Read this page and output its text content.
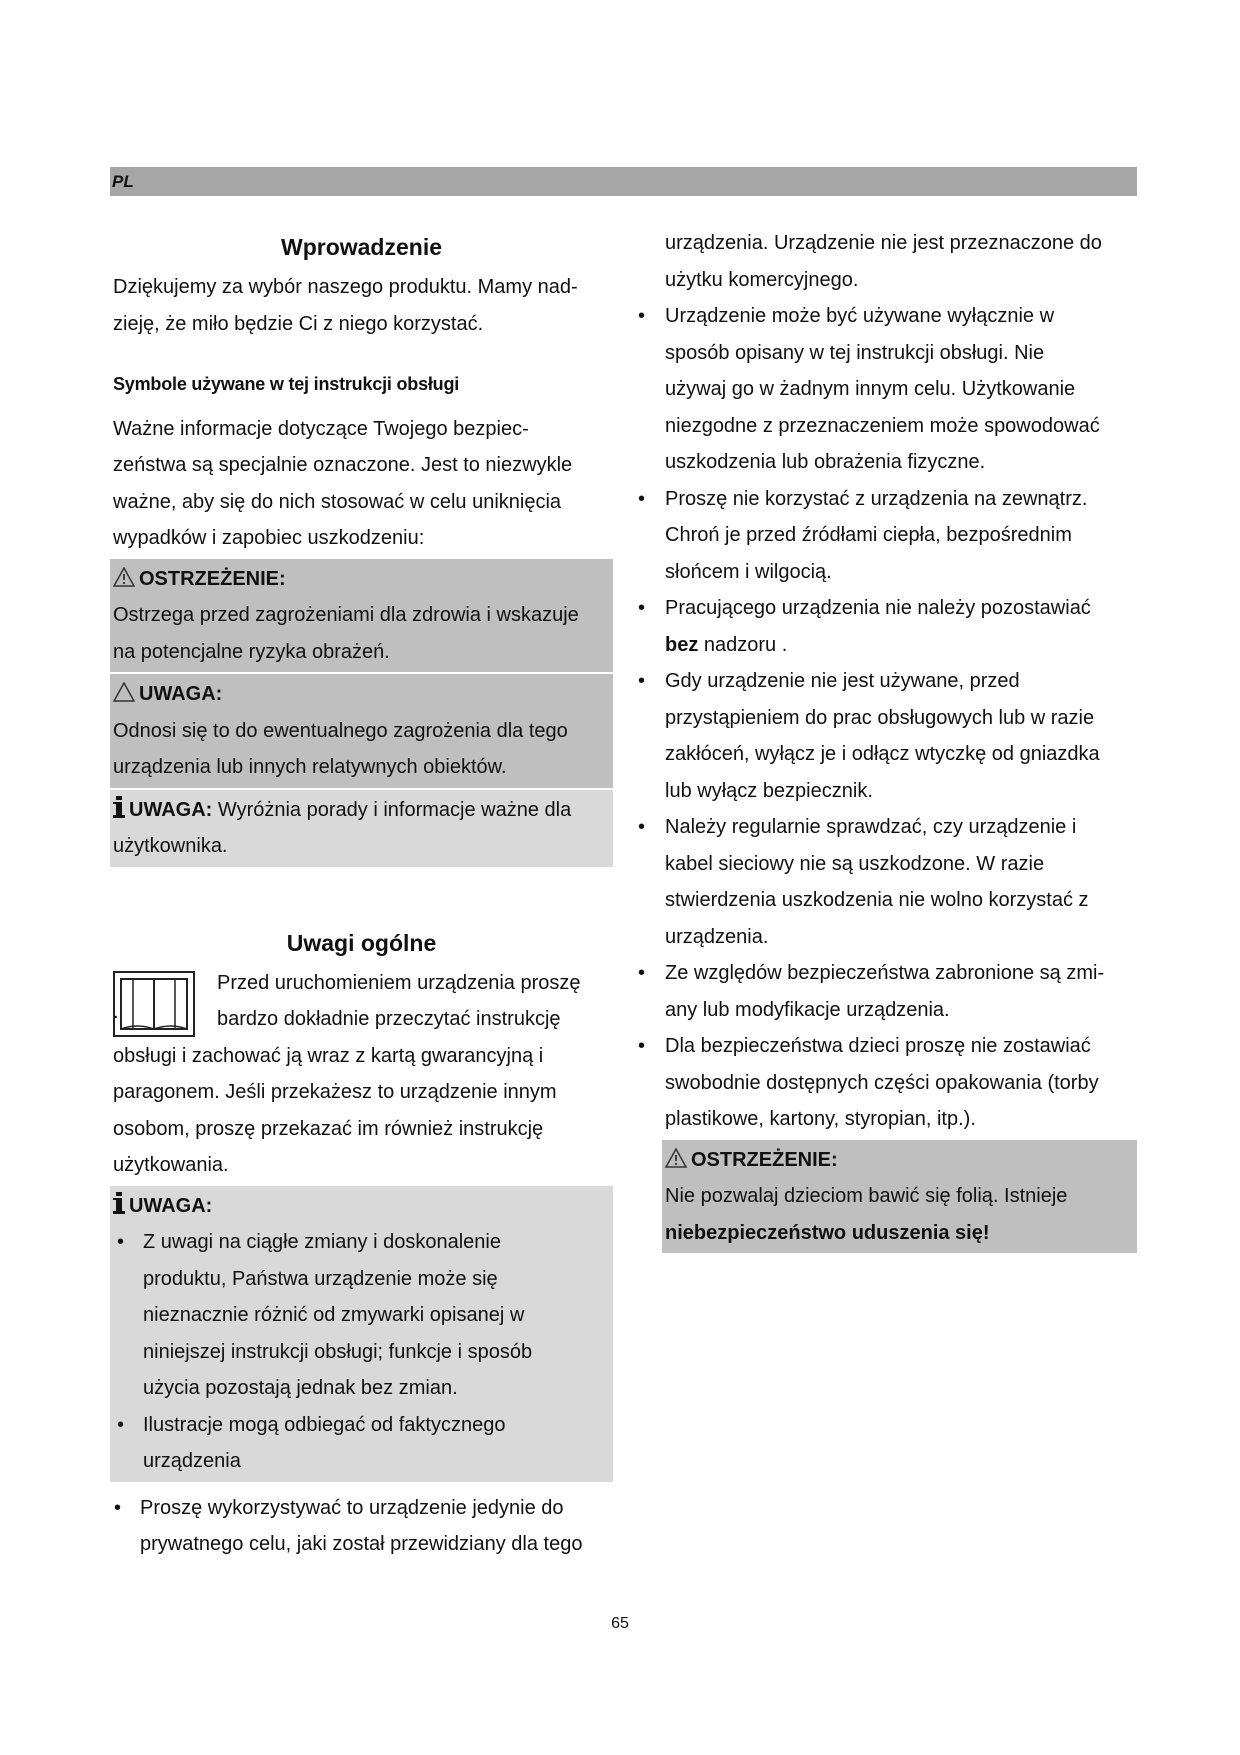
PL
Wprowadzenie

Dziękujemy za wybór naszego produktu. Mamy nad-

zieję, że miło będzie Ci z niego korzystać.

Symbole używane w tej instrukcji obsługi

Ważne informacje dotyczące Twojego bezpiec-

zeństwa są specjalnie oznaczone. Jest to niezwykle

ważne, aby się do nich stosować w celu uniknięcia

wypadków i zapobiec uszkodzeniu:

OSTRZEŻENIE:

Ostrzega przed zagrożeniami dla zdrowia i wskazuje

na potencjalne ryzyka obrażeń.

UWAGA:

Odnosi się to do ewentualnego zagrożenia dla tego

urządzenia lub innych relatywnych obiektów.

UWAGA: Wyróżnia porady i informacje ważne dla

użytkownika.

Uwagi ogólne
.

Przed uruchomieniem urządzenia proszę

bardzo dokładnie przeczytać instrukcję

obsługi i zachować ją wraz z kartą gwarancyjną i

paragonem. Jeśli przekażesz to urządzenie innym

osobom, proszę przekazać im również instrukcję

użytkowania.

UWAGA:

• Z uwagi na ciągłe zmiany i doskonalenie
produktu, Państwa urządzenie może się
nieznacznie różnić od zmywarki opisanej w
niniejszej instrukcji obsługi; funkcje i sposób
użycia pozostają jednak bez zmian.
• Ilustracje mogą odbiegać od faktycznego
urządzenia
• Proszę wykorzystywać to urządzenie jedynie do
prywatnego celu, jaki został przewidziany dla tego

urządzenia. Urządzenie nie jest przeznaczone do

użytku komercyjnego.

• Urządzenie może być używane wyłącznie w
sposób opisany w tej instrukcji obsługi. Nie
używaj go w żadnym innym celu. Użytkowanie
niezgodne z przeznaczeniem może spowodować
uszkodzenia lub obrażenia fizyczne.
• Proszę nie korzystać z urządzenia na zewnątrz.
Chroń je przed źródłami ciepła, bezpośrednim
słońcem i wilgocią.
• Pracującego urządzenia nie należy pozostawiać
bez nadzoru .
• Gdy urządzenie nie jest używane, przed
przystąpieniem do prac obsługowych lub w razie
zakłóceń, wyłącz je i odłącz wtyczkę od gniazdka
lub wyłącz bezpiecznik.
• Należy regularnie sprawdzać, czy urządzenie i
kabel sieciowy nie są uszkodzone. W razie
stwierdzenia uszkodzenia nie wolno korzystać z
urządzenia.
• Ze względów bezpieczeństwa zabronione są zmi-
any lub modyfikacje urządzenia.
• Dla bezpieczeństwa dzieci proszę nie zostawiać
swobodnie dostępnych części opakowania (torby
plastikowe, kartony, styropian, itp.).

OSTRZEŻENIE:

Nie pozwalaj dzieciom bawić się folią. Istnieje

niebezpieczeństwo uduszenia się!

65
